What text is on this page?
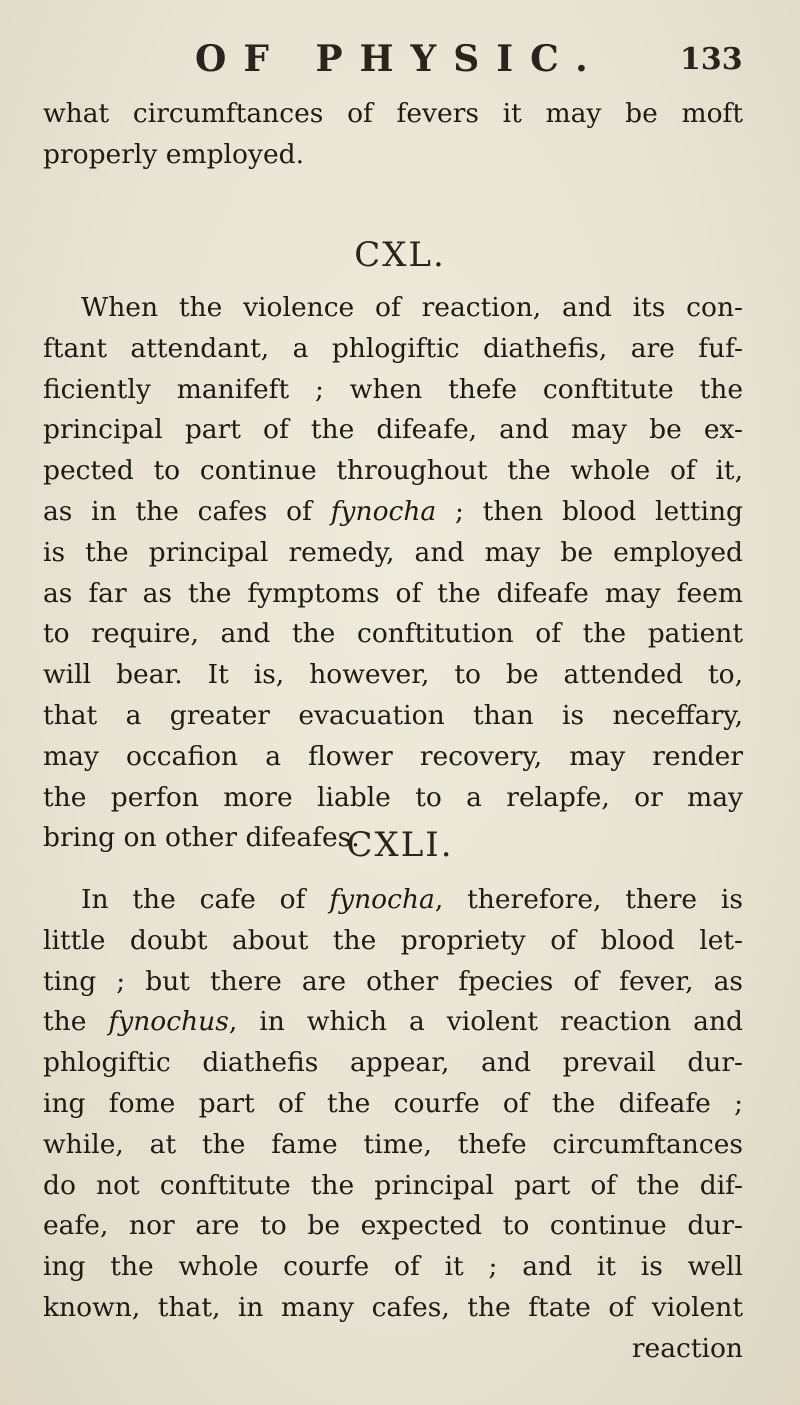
OF PHYSIC.	133
what circumftances of fevers it may be moft
properly employed.
CXL.
When the violence of reaction, and its con-
ftant attendant, a phlogiftic diathefis, are fuf-
ficiently manifeft ; when thefe conftitute the
principal part of the difeafe, and may be ex-
pected to continue throughout the whole of it,
as in the cafes of fynocha ; then blood letting
is the principal remedy, and may be employed
as far as the fymptoms of the difeafe may feem
to require, and the conftitution of the patient
will bear. It is, however, to be attended to,
that a greater evacuation than is neceffary,
may occafion a flower recovery, may render
the perfon more liable to a relapfe, or may
bring on other difeafes.
CXLI.
In the cafe of fynocha, therefore, there is
little doubt about the propriety of blood let-
ting ; but there are other fpecies of fever, as
the fynochus, in which a violent reaction and
phlogiftic diathefis appear, and prevail dur-
ing fome part of the courfe of the difeafe ;
while, at the fame time, thefe circumftances
do not conftitute the principal part of the dif-
eafe, nor are to be expected to continue dur-
ing the whole courfe of it ; and it is well
known, that, in many cafes, the ftate of violent
reaction
